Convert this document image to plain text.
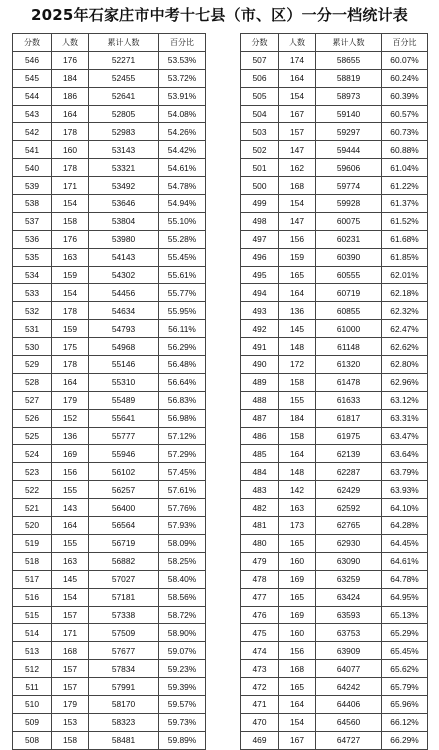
2025年石家庄市中考十七县（市、区）一分一档统计表
分数	人数	累计人数	百分比
546	176	52271	53.53%
545	184	52455	53.72%
544	186	52641	53.91%
543	164	52805	54.08%
542	178	52983	54.26%
541	160	53143	54.42%
540	178	53321	54.61%
539	171	53492	54.78%
538	154	53646	54.94%
537	158	53804	55.10%
536	176	53980	55.28%
535	163	54143	55.45%
534	159	54302	55.61%
533	154	54456	55.77%
532	178	54634	55.95%
531	159	54793	56.11%
530	175	54968	56.29%
529	178	55146	56.48%
528	164	55310	56.64%
527	179	55489	56.83%
526	152	55641	56.98%
525	136	55777	57.12%
524	169	55946	57.29%
523	156	56102	57.45%
522	155	56257	57.61%
521	143	56400	57.76%
520	164	56564	57.93%
519	155	56719	58.09%
518	163	56882	58.25%
517	145	57027	58.40%
516	154	57181	58.56%
515	157	57338	58.72%
514	171	57509	58.90%
513	168	57677	59.07%
512	157	57834	59.23%
511	157	57991	59.39%
510	179	58170	59.57%
509	153	58323	59.73%
508	158	58481	59.89%
分数	人数	累计人数	百分比
507	174	58655	60.07%
506	164	58819	60.24%
505	154	58973	60.39%
504	167	59140	60.57%
503	157	59297	60.73%
502	147	59444	60.88%
501	162	59606	61.04%
500	168	59774	61.22%
499	154	59928	61.37%
498	147	60075	61.52%
497	156	60231	61.68%
496	159	60390	61.85%
495	165	60555	62.01%
494	164	60719	62.18%
493	136	60855	62.32%
492	145	61000	62.47%
491	148	61148	62.62%
490	172	61320	62.80%
489	158	61478	62.96%
488	155	61633	63.12%
487	184	61817	63.31%
486	158	61975	63.47%
485	164	62139	63.64%
484	148	62287	63.79%
483	142	62429	63.93%
482	163	62592	64.10%
481	173	62765	64.28%
480	165	62930	64.45%
479	160	63090	64.61%
478	169	63259	64.78%
477	165	63424	64.95%
476	169	63593	65.13%
475	160	63753	65.29%
474	156	63909	65.45%
473	168	64077	65.62%
472	165	64242	65.79%
471	164	64406	65.96%
470	154	64560	66.12%
469	167	64727	66.29%
